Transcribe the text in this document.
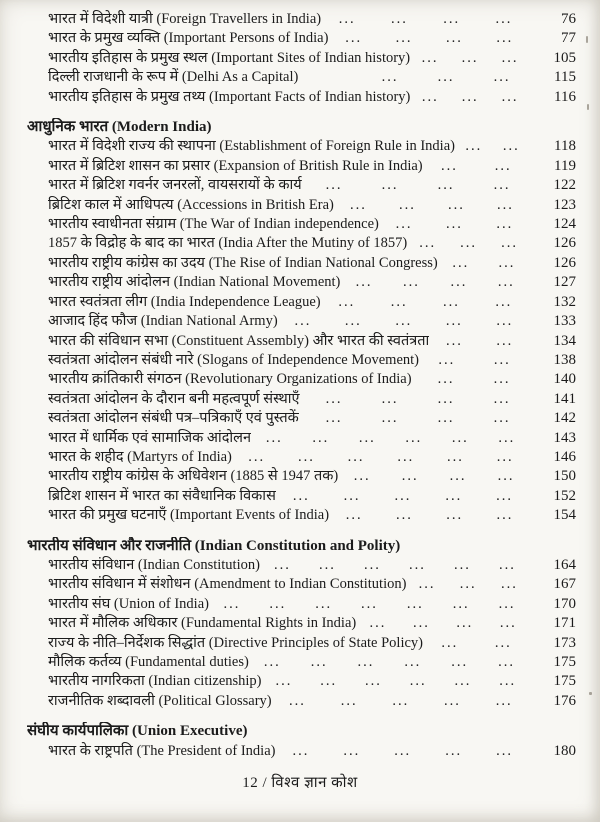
भारत में विदेशी यात्री (Foreign Travellers in India)	...	...	...	...	76
भारत के प्रमुख व्यक्ति (Important Persons of India)	...	...	...	...	77
भारतीय इतिहास के प्रमुख स्थल (Important Sites of Indian history) ...	...	...	105
दिल्ली राजधानी के रूप में (Delhi As a Capital)	...	...	...	115
भारतीय इतिहास के प्रमुख तथ्य (Important Facts of Indian history) ...	...	...	116
आधुनिक भारत (Modern India)
भारत में विदेशी राज्य की स्थापना (Establishment of Foreign Rule in India) ...	...	118
भारत में ब्रिटिश शासन का प्रसार (Expansion of British Rule in India)	...	...	119
भारत में ब्रिटिश गवर्नर जनरलों, वायसरायों के कार्य	...	...	...	...	122
ब्रिटिश काल में आधिपत्य (Accessions in British Era)	...	...	...	...	123
भारतीय स्वाधीनता संग्राम (The War of Indian independence)	...	...	...	124
1857 के विद्रोह के बाद का भारत (India After the Mutiny of 1857) ...	...	...	126
भारतीय राष्ट्रीय कांग्रेस का उदय (The Rise of Indian National Congress)	...	...	126
भारतीय राष्ट्रीय आंदोलन (Indian National Movement)	...	...	...	...	127
भारत स्वतंत्रता लीग (India Independence League)	...	...	...	...	132
आजाद हिंद फौज (Indian National Army)	...	...	...	...	...	133
भारत की संविधान सभा (Constituent Assembly) और भारत की स्वतंत्रता	...	...	134
स्वतंत्रता आंदोलन संबंधी नारे (Slogans of Independence Movement)	...	...	138
भारतीय क्रांतिकारी संगठन (Revolutionary Organizations of India)	...	...	140
स्वतंत्रता आंदोलन के दौरान बनी महत्वपूर्ण संस्थाएँ	...	...	...	...	141
स्वतंत्रता आंदोलन संबंधी पत्र–पत्रिकाएँ एवं पुस्तकें	...	...	...	...	142
भारत में धार्मिक एवं सामाजिक आंदोलन	...	...	...	...	...	...	143
भारत के शहीद (Martyrs of India)	...	...	...	...	...	...	146
भारतीय राष्ट्रीय कांग्रेस के अधिवेशन (1885 से 1947 तक)	...	...	...	...	150
ब्रिटिश शासन में भारत का संवैधानिक विकास	...	...	...	...	...	152
भारत की प्रमुख घटनाएँ (Important Events of India)	...	...	...	...	154
भारतीय संविधान और राजनीति (Indian Constitution and Polity)
भारतीय संविधान (Indian Constitution) ...	...	...	...	...	...	164
भारतीय संविधान में संशोधन (Amendment to Indian Constitution) ...	...	...	167
भारतीय संघ (Union of India)	...	...	...	...	...	...	...	170
भारत में मौलिक अधिकार (Fundamental Rights in India) ...	...	...	...	171
राज्य के नीति–निर्देशक सिद्धांत (Directive Principles of State Policy)	...	...	173
मौलिक कर्तव्य (Fundamental duties)	...	...	...	...	...	...	175
भारतीय नागरिकता (Indian citizenship) ...	...	...	...	...	...	175
राजनीतिक शब्दावली (Political Glossary)	...	...	...	...	...	176
संघीय कार्यपालिका (Union Executive)
भारत के राष्ट्रपति (The President of India)	...	...	...	...	...	180
12 / विश्व ज्ञान कोश
